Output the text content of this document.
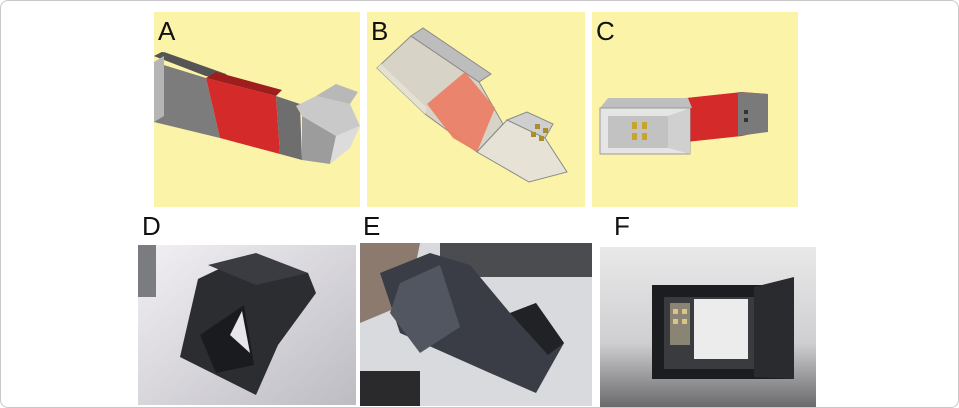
A	B	C
D	E	F
